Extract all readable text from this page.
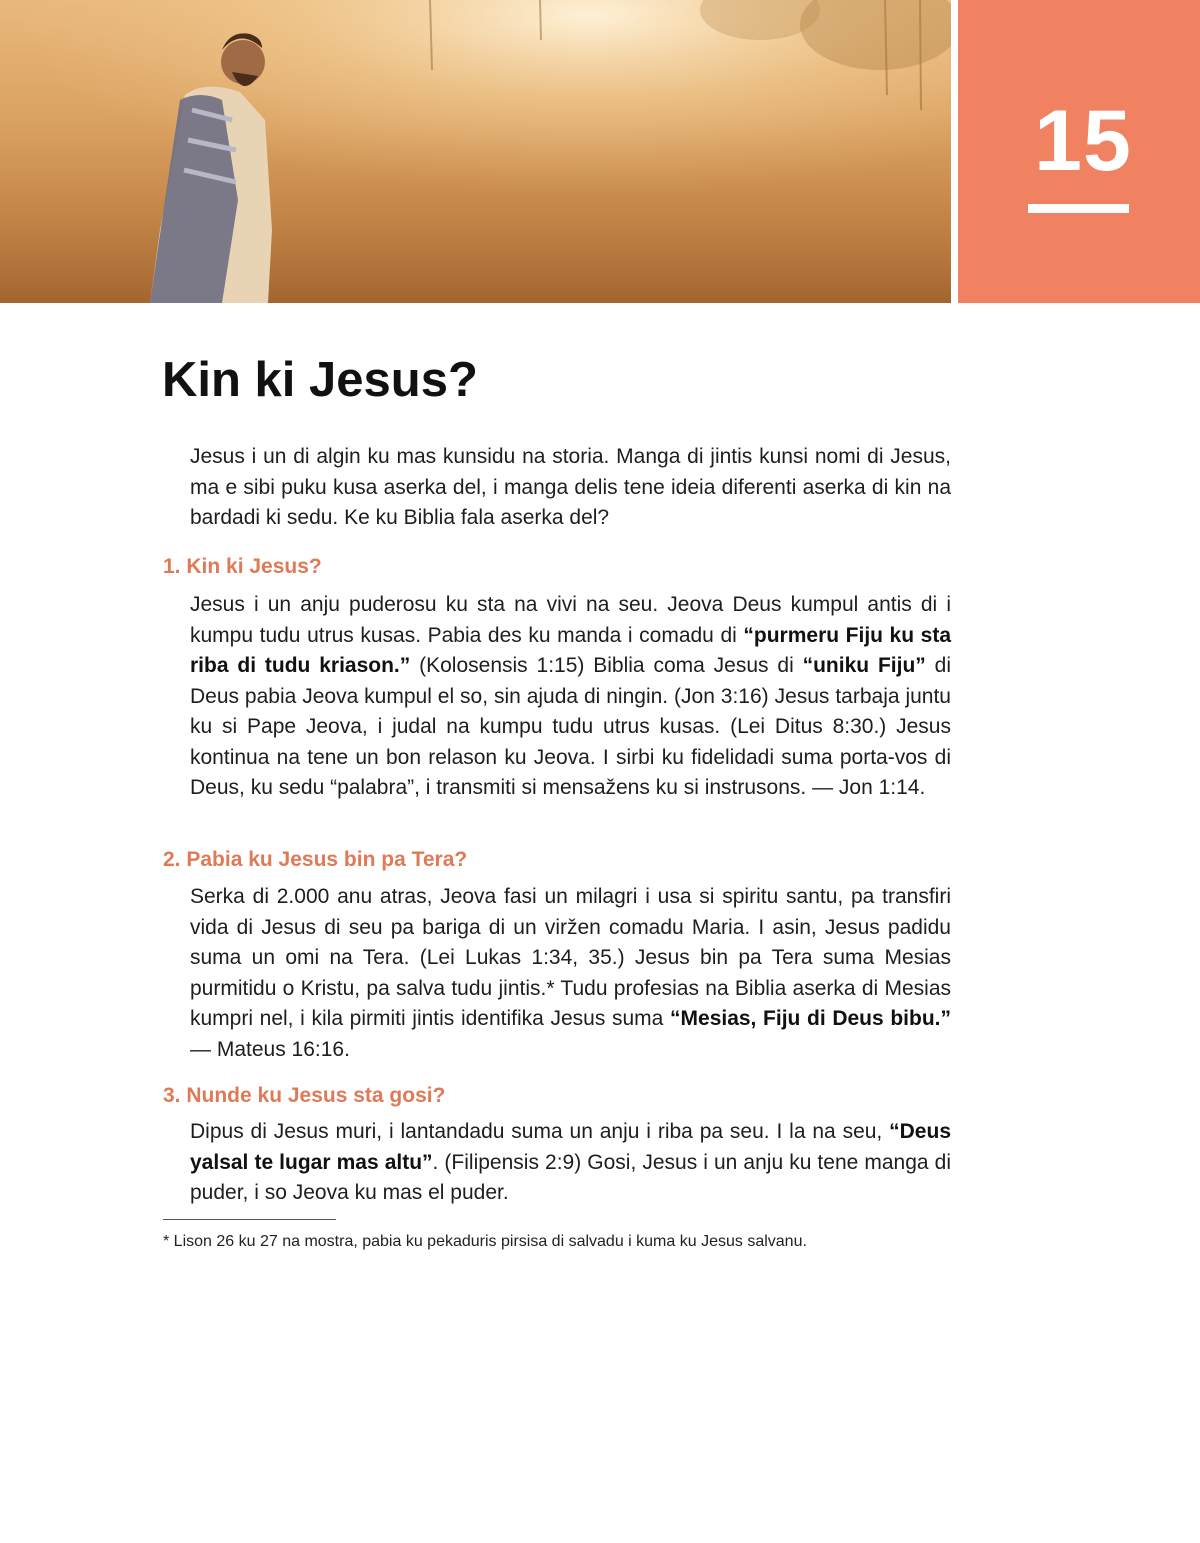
15
Kin ki Jesus?

Jesus i un di algin ku mas kunsidu na storia. Manga di jintis kunsi nomi di Jesus, ma e sibi puku kusa aserka del, i manga delis tene ideia diferenti aserka di kin na bardadi ki sedu. Ke ku Biblia fala aserka del?

1. Kin ki Jesus?

Jesus i un anju puderosu ku sta na vivi na seu. Jeova Deus kumpul antis di i kumpu tudu utrus kusas. Pabia des ku manda i comadu di “purmeru Fiju ku sta riba di tudu kriason.” (Kolosensis 1:15) Biblia coma Jesus di “uniku Fiju” di Deus pabia Jeova kumpul el so, sin ajuda di ningin. (Jon 3:16) Jesus tarbaja juntu ku si Pape Jeova, i judal na kumpu tudu utrus kusas. (Lei Ditus 8:30.) Jesus kontinua na tene un bon relason ku Jeova. I sirbi ku fidelidadi suma porta-vos di Deus, ku sedu “palabra”, i transmiti si mensažens ku si instrusons. — Jon 1:14.

2. Pabia ku Jesus bin pa Tera?

Serka di 2.000 anu atras, Jeova fasi un milagri i usa si spiritu santu, pa transfiri vida di Jesus di seu pa bariga di un viržen comadu Maria. I asin, Jesus padidu suma un omi na Tera. (Lei Lukas 1:34, 35.) Jesus bin pa Tera suma Mesias purmitidu o Kristu, pa salva tudu jintis.* Tudu profesias na Biblia aserka di Mesias kumpri nel, i kila pirmiti jintis identifika Jesus suma “Mesias, Fiju di Deus bibu.” — Mateus 16:16.

3. Nunde ku Jesus sta gosi?

Dipus di Jesus muri, i lantandadu suma un anju i riba pa seu. I la na seu, “Deus yalsal te lugar mas altu”. (Filipensis 2:9) Gosi, Jesus i un anju ku tene manga di puder, i so Jeova ku mas el puder.

* Lison 26 ku 27 na mostra, pabia ku pekaduris pirsisa di salvadu i kuma ku Jesus salvanu.
